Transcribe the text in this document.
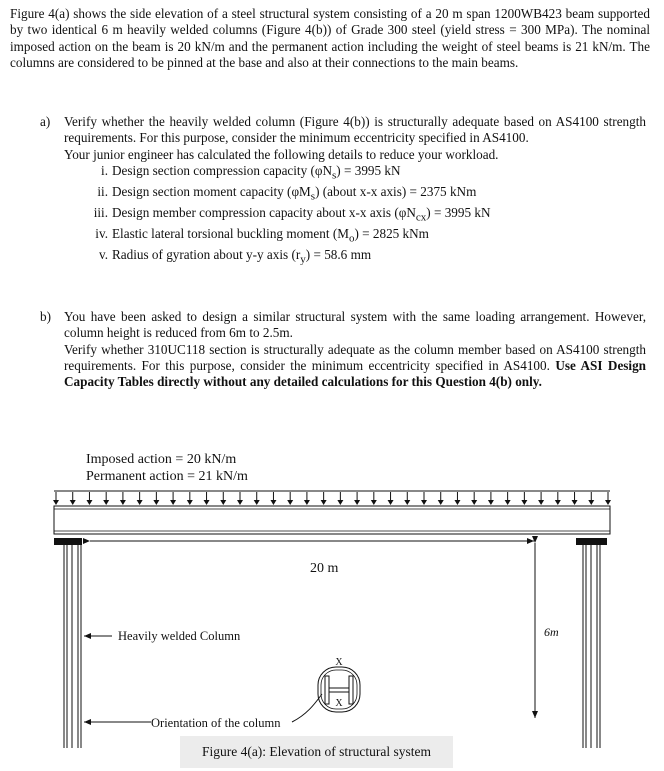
Figure 4(a) shows the side elevation of a steel structural system consisting of a 20 m span 1200WB423 beam supported by two identical 6 m heavily welded columns (Figure 4(b)) of Grade 300 steel (yield stress = 300 MPa). The nominal imposed action on the beam is 20 kN/m and the permanent action including the weight of steel beams is 21 kN/m. The columns are considered to be pinned at the base and also at their connections to the main beams.

a) Verify whether the heavily welded column (Figure 4(b)) is structurally adequate based on AS4100 strength requirements. For this purpose, consider the minimum eccentricity specified in AS4100.

Your junior engineer has calculated the following details to reduce your workload.

i. Design section compression capacity $(\varphi N_s) = 3995$ kN
ii. Design section moment capacity $(\varphi M_s)$ (about x-x axis) = 2375 kNm
iii. Design member compression capacity about x-x axis $(\varphi N_{cx}) = 3995$ kN
iv. Elastic lateral torsional buckling moment $(M_o) = 2825$ kNm
v. Radius of gyration about y-y axis $(r_y) = 58.6$ mm
b) You have been asked to design a similar structural system with the same loading arrangement. However, column height is reduced from 6m to 2.5m.

Verify whether 310UC118 section is structurally adequate as the column member based on AS4100 strength requirements. For this purpose, consider the minimum eccentricity specified in AS4100. Use ASI Design Capacity Tables directly without any detailed calculations for this Question 4(b) only.

Imposed action = 20 kN/m
Permanent action = 21 kN/m
20 m
6m
Heavily welded Column
Orientation of the column
X
X
Figure 4(a): Elevation of structural system
